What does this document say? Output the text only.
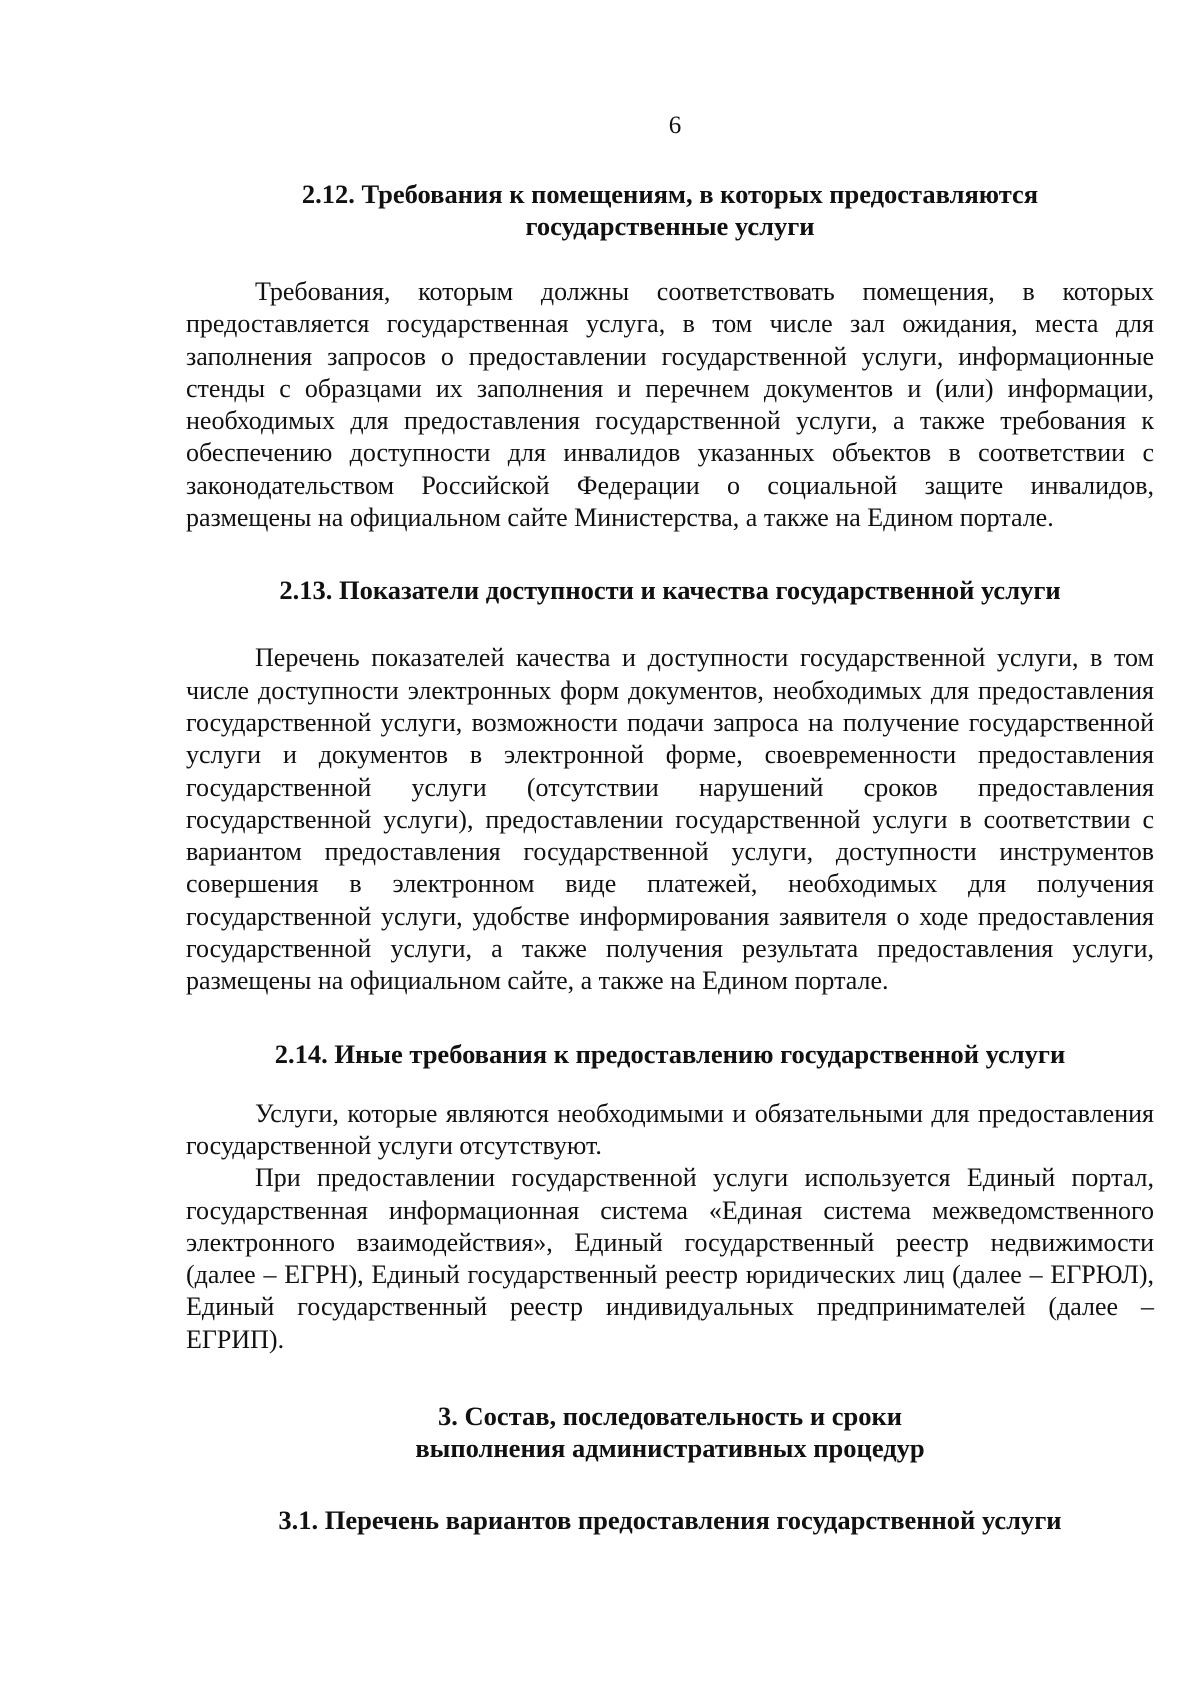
6
2.12. Требования к помещениям, в которых предоставляются государственные услуги

Требования, которым должны соответствовать помещения, в которых предоставляется государственная услуга, в том числе зал ожидания, места для заполнения запросов о предоставлении государственной услуги, информационные стенды с образцами их заполнения и перечнем документов и (или) информации, необходимых для предоставления государственной услуги, а также требования к обеспечению доступности для инвалидов указанных объектов в соответствии с законодательством Российской Федерации о социальной защите инвалидов, размещены на официальном сайте Министерства, а также на Едином портале.

2.13. Показатели доступности и качества государственной услуги

Перечень показателей качества и доступности государственной услуги, в том числе доступности электронных форм документов, необходимых для предоставления государственной услуги, возможности подачи запроса на получение государственной услуги и документов в электронной форме, своевременности предоставления государственной услуги (отсутствии нарушений сроков предоставления государственной услуги), предоставлении государственной услуги в соответствии с вариантом предоставления государственной услуги, доступности инструментов совершения в электронном виде платежей, необходимых для получения государственной услуги, удобстве информирования заявителя о ходе предоставления государственной услуги, а также получения результата предоставления услуги, размещены на официальном сайте, а также на Едином портале.

2.14. Иные требования к предоставлению государственной услуги

Услуги, которые являются необходимыми и обязательными для предоставления государственной услуги отсутствуют.

При предоставлении государственной услуги используется Единый портал, государственная информационная система «Единая система межведомственного электронного взаимодействия», Единый государственный реестр недвижимости (далее – ЕГРН), Единый государственный реестр юридических лиц (далее – ЕГРЮЛ), Единый государственный реестр индивидуальных предпринимателей (далее – ЕГРИП).

3. Состав, последовательность и сроки выполнения административных процедур
3.1. Перечень вариантов предоставления государственной услуги
